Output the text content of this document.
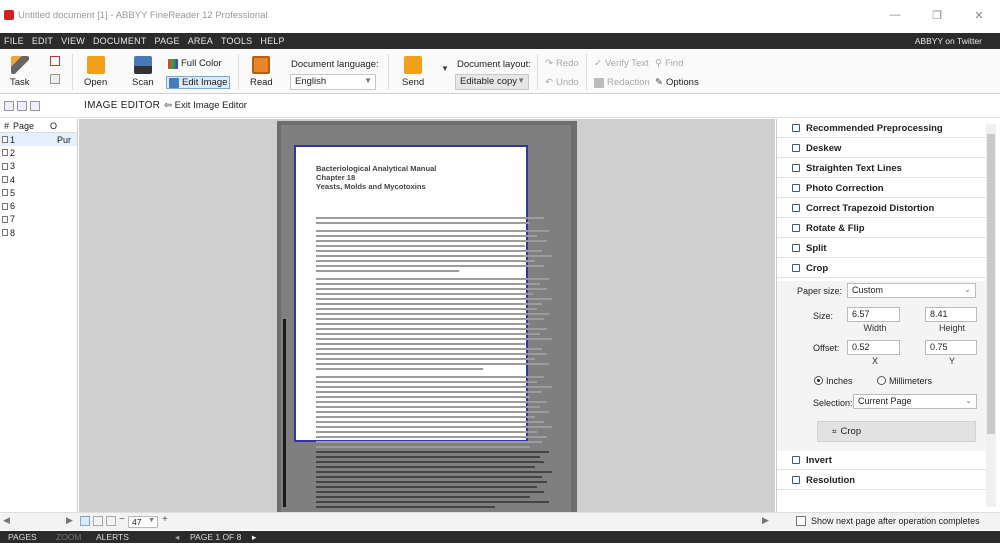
Untitled document [1] - ABBYY FineReader 12 Professional	—	❐	✕
FILE EDIT VIEW DOCUMENT PAGE AREA TOOLS HELP	ABBYY on Twitter
Task	Open	Scan
Full Color
Edit Image Read
Document language:
English	▼	Send
▼ Document layout:
Editable copy ▼
↷ Redo
↶ Undo
✓ Verify Text ⚲ Find
Redaction ✎ Options
IMAGE EDITOR ⇦ Exit Image Editor
# Page O
1	Pur
2
3
4
5
6
7
8
Bacteriological Analytical Manual
Chapter 18
Yeasts, Molds and Mycotoxins
Recommended Preprocessing
Deskew
Straighten Text Lines
Photo Correction
Correct Trapezoid Distortion
Rotate & Flip
Split
Crop
Paper size:	Custom	⌄
Size:	6.57	8.41
Width	Height
Offset:	0.52	0.75
X	Y
Inches	Millimeters
Selection: Current Page	⌄
⌗ Crop
Invert
Resolution
◀	▶	− 47 ▼ +	▶	Show next page after operation completes
PAGES ZOOM ALERTS	◂ PAGE 1 OF 8 ▸
